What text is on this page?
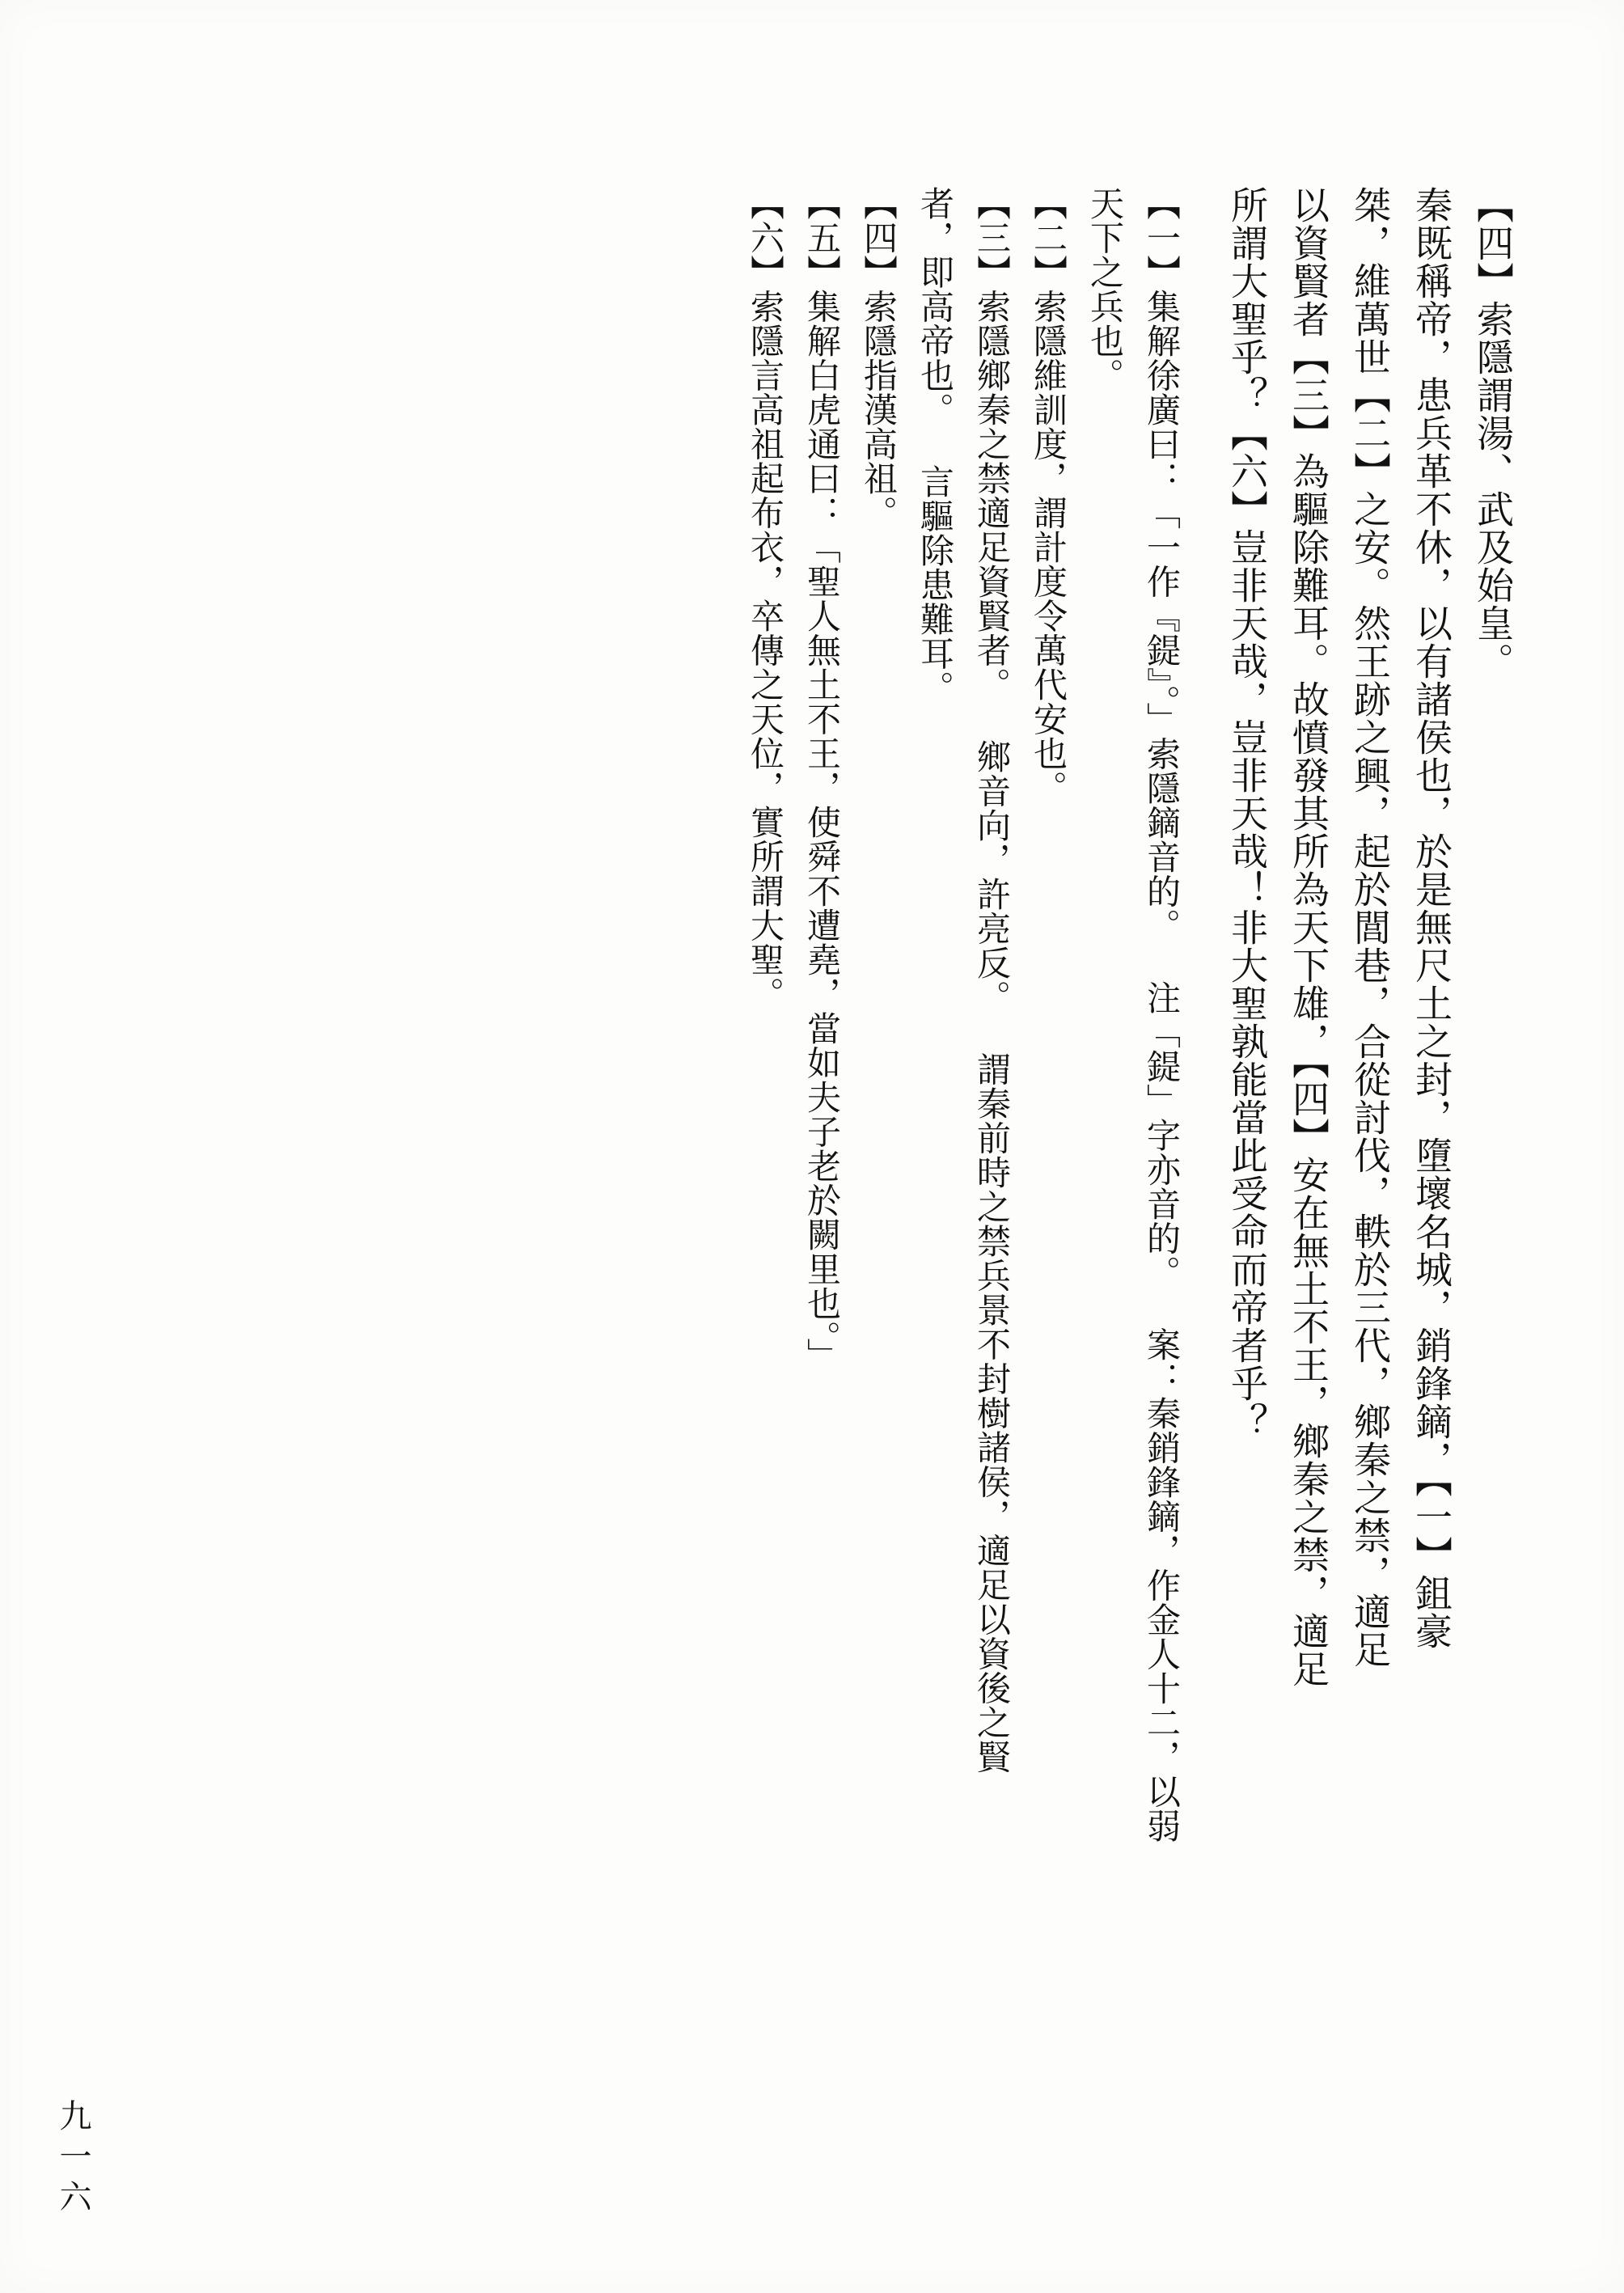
【四】索隱謂湯、武及始皇。
秦既稱帝，患兵革不休，以有諸侯也，於是無尺土之封，墮壞名城，銷鋒鏑，【一】鉏豪
桀，維萬世【二】之安。然王跡之興，起於閭巷，合從討伐，軼於三代，鄉秦之禁，適足
以資賢者【三】為驅除難耳。故憤發其所為天下雄，【四】安在無土不王，鄉秦之禁，適足
所謂大聖乎？【六】豈非天哉，豈非天哉！非大聖孰能當此受命而帝者乎？
【一】集解徐廣曰：「一作『鍉』。」索隱鏑音的。 注「鍉」字亦音的。 案：秦銷鋒鏑，作金人十二，以弱
天下之兵也。
【二】索隱維訓度，謂計度令萬代安也。
【三】索隱鄉秦之禁適足資賢者。 鄉音向，許亮反。 謂秦前時之禁兵景不封樹諸侯，適足以資後之賢
者，即高帝也。 言驅除患難耳。
【四】索隱指漢高祖。
【五】集解白虎通曰：「聖人無土不王，使舜不遭堯，當如夫子老於闕里也。」
【六】索隱言高祖起布衣，卒傳之天位，實所謂大聖。
九一六
